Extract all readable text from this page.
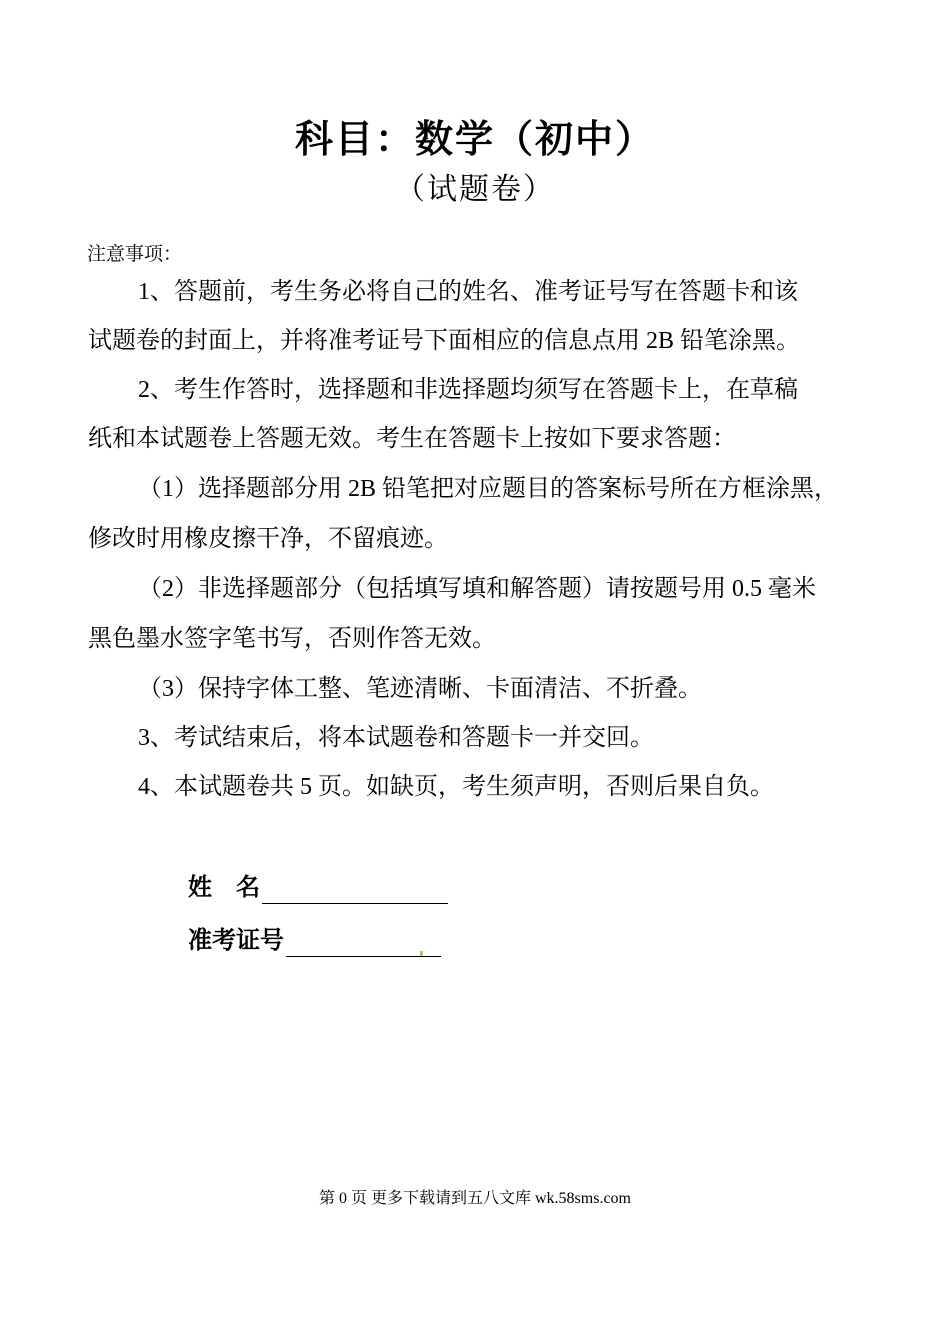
科目：数学（初中）
（试题卷）
注意事项：
1、答题前，考生务必将自己的姓名、准考证号写在答题卡和该
试题卷的封面上，并将准考证号下面相应的信息点用 2B 铅笔涂黑。
2、考生作答时，选择题和非选择题均须写在答题卡上，在草稿
纸和本试题卷上答题无效。考生在答题卡上按如下要求答题：
（1）选择题部分用 2B 铅笔把对应题目的答案标号所在方框涂黑，
修改时用橡皮擦干净，不留痕迹。
（2）非选择题部分（包括填写填和解答题）请按题号用 0.5 毫米
黑色墨水签字笔书写，否则作答无效。
（3）保持字体工整、笔迹清晰、卡面清洁、不折叠。
3、考试结束后，将本试题卷和答题卡一并交回。
4、本试题卷共 5 页。如缺页，考生须声明，否则后果自负。
姓　名
准考证号
第 0 页 更多下载请到五八文库 wk.58sms.com
